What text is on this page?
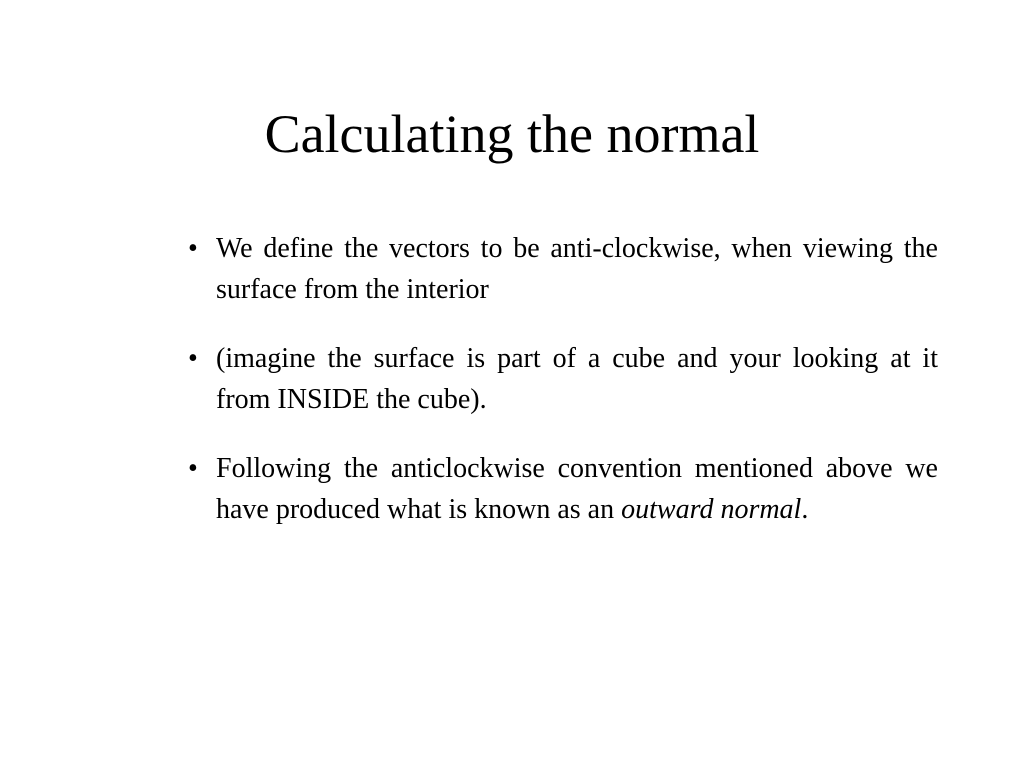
Calculating the normal
• We define the vectors to be anti-clockwise, when viewing the surface from the interior
• (imagine the surface is part of a cube and your looking at it from INSIDE the cube).
• Following the anticlockwise convention mentioned above we have produced what is known as an outward normal.
